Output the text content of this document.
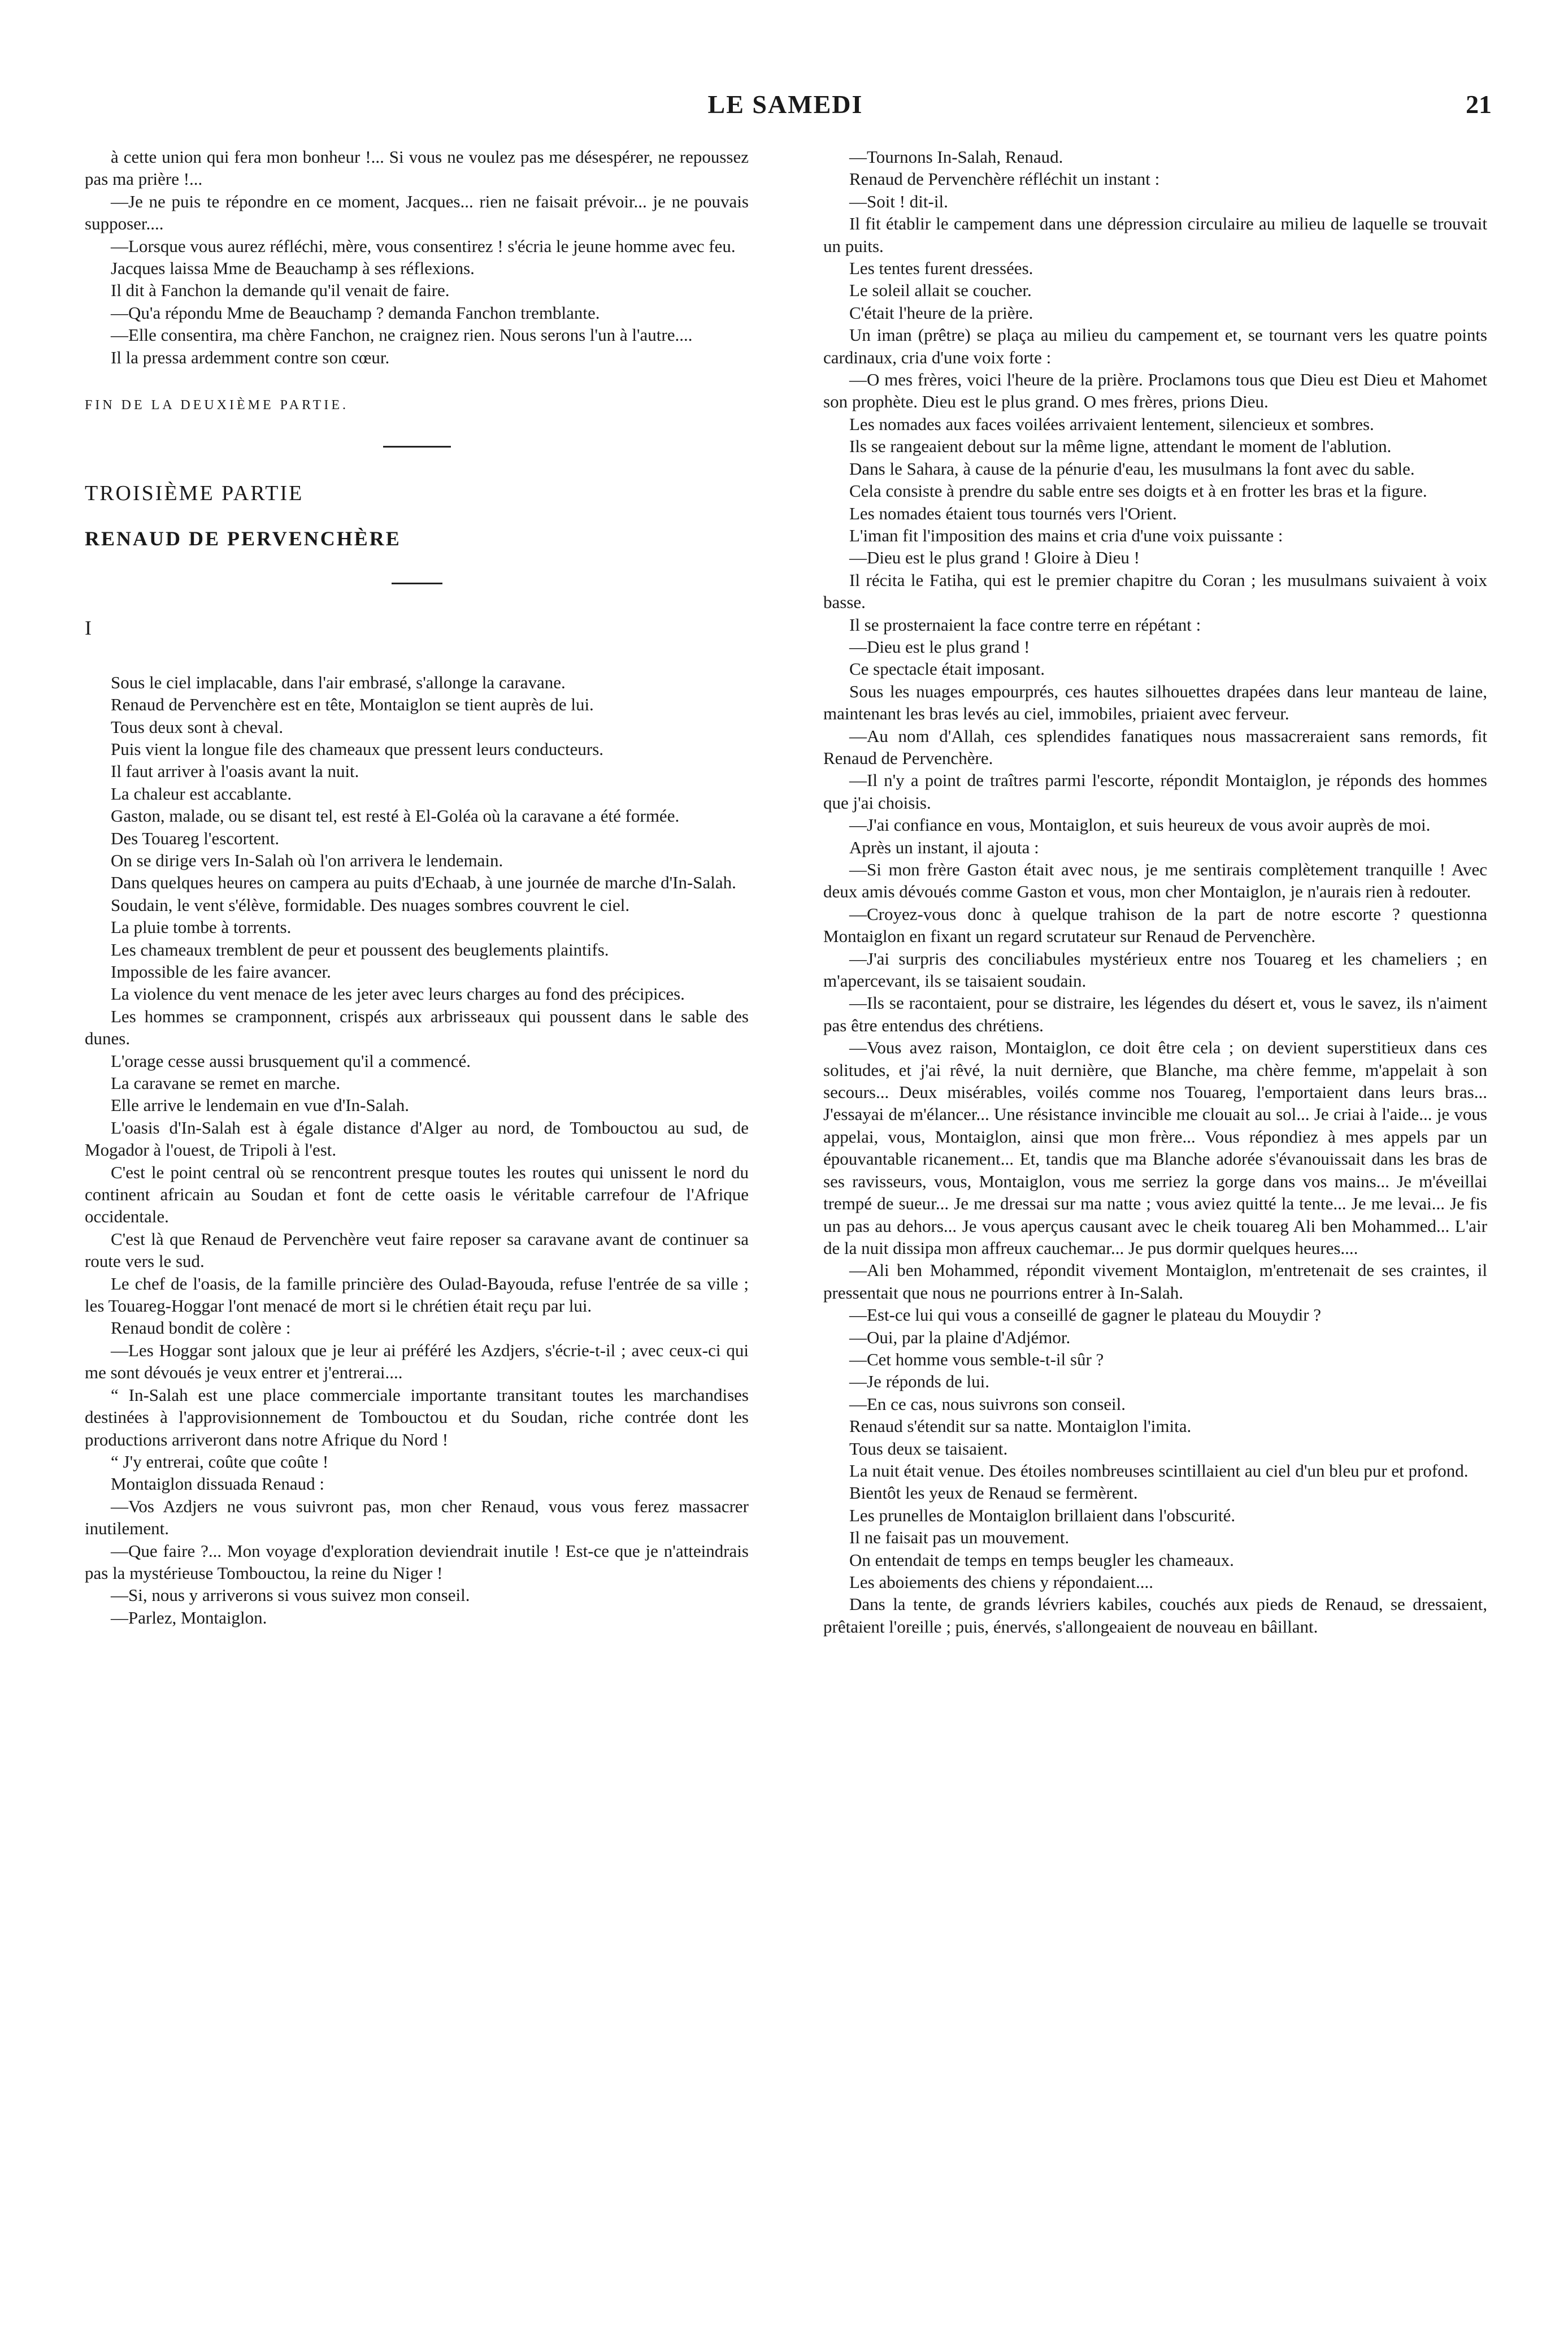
LE SAMEDI	21

à cette union qui fera mon bonheur !... Si vous ne voulez pas me désespérer, ne repoussez pas ma prière !...

—Je ne puis te répondre en ce moment, Jacques... rien ne faisait prévoir... je ne pouvais supposer....

—Lorsque vous aurez réfléchi, mère, vous consentirez ! s'écria le jeune homme avec feu.

Jacques laissa Mme de Beauchamp à ses réflexions.

Il dit à Fanchon la demande qu'il venait de faire.

—Qu'a répondu Mme de Beauchamp ? demanda Fanchon tremblante.

—Elle consentira, ma chère Fanchon, ne craignez rien. Nous serons l'un à l'autre....

Il la pressa ardemment contre son cœur.

FIN DE LA DEUXIÈME PARTIE.

TROISIÈME PARTIE

RENAUD DE PERVENCHÈRE

I

Sous le ciel implacable, dans l'air embrasé, s'allonge la caravane.

Renaud de Pervenchère est en tête, Montaiglon se tient auprès de lui.

Tous deux sont à cheval.

Puis vient la longue file des chameaux que pressent leurs conducteurs.

Il faut arriver à l'oasis avant la nuit.

La chaleur est accablante.

Gaston, malade, ou se disant tel, est resté à El-Goléa où la caravane a été formée.

Des Touareg l'escortent.

On se dirige vers In-Salah où l'on arrivera le lendemain.

Dans quelques heures on campera au puits d'Echaab, à une journée de marche d'In-Salah.

Soudain, le vent s'élève, formidable. Des nuages sombres couvrent le ciel.

La pluie tombe à torrents.

Les chameaux tremblent de peur et poussent des beuglements plaintifs.

Impossible de les faire avancer.

La violence du vent menace de les jeter avec leurs charges au fond des précipices.

Les hommes se cramponnent, crispés aux arbrisseaux qui poussent dans le sable des dunes.

L'orage cesse aussi brusquement qu'il a commencé.

La caravane se remet en marche.

Elle arrive le lendemain en vue d'In-Salah.

L'oasis d'In-Salah est à égale distance d'Alger au nord, de Tombouctou au sud, de Mogador à l'ouest, de Tripoli à l'est.

C'est le point central où se rencontrent presque toutes les routes qui unissent le nord du continent africain au Soudan et font de cette oasis le véritable carrefour de l'Afrique occidentale.

C'est là que Renaud de Pervenchère veut faire reposer sa caravane avant de continuer sa route vers le sud.

Le chef de l'oasis, de la famille princière des Oulad-Bayouda, refuse l'entrée de sa ville ; les Touareg-Hoggar l'ont menacé de mort si le chrétien était reçu par lui.

Renaud bondit de colère :

—Les Hoggar sont jaloux que je leur ai préféré les Azdjers, s'écrie-t-il ; avec ceux-ci qui me sont dévoués je veux entrer et j'entrerai....

“ In-Salah est une place commerciale importante transitant toutes les marchandises destinées à l'approvisionnement de Tombouctou et du Soudan, riche contrée dont les productions arriveront dans notre Afrique du Nord !

“ J'y entrerai, coûte que coûte !

Montaiglon dissuada Renaud :

—Vos Azdjers ne vous suivront pas, mon cher Renaud, vous vous ferez massacrer inutilement.

—Que faire ?... Mon voyage d'exploration deviendrait inutile ! Est-ce que je n'atteindrais pas la mystérieuse Tombouctou, la reine du Niger !

—Si, nous y arriverons si vous suivez mon conseil.

—Parlez, Montaiglon.

—Tournons In-Salah, Renaud.

Renaud de Pervenchère réfléchit un instant :

—Soit ! dit-il.

Il fit établir le campement dans une dépression circulaire au milieu de laquelle se trouvait un puits.

Les tentes furent dressées.

Le soleil allait se coucher.

C'était l'heure de la prière.

Un iman (prêtre) se plaça au milieu du campement et, se tournant vers les quatre points cardinaux, cria d'une voix forte :

—O mes frères, voici l'heure de la prière. Proclamons tous que Dieu est Dieu et Mahomet son prophète. Dieu est le plus grand. O mes frères, prions Dieu.

Les nomades aux faces voilées arrivaient lentement, silencieux et sombres.

Ils se rangeaient debout sur la même ligne, attendant le moment de l'ablution.

Dans le Sahara, à cause de la pénurie d'eau, les musulmans la font avec du sable.

Cela consiste à prendre du sable entre ses doigts et à en frotter les bras et la figure.

Les nomades étaient tous tournés vers l'Orient.

L'iman fit l'imposition des mains et cria d'une voix puissante :

—Dieu est le plus grand ! Gloire à Dieu !

Il récita le Fatiha, qui est le premier chapitre du Coran ; les musulmans suivaient à voix basse.

Il se prosternaient la face contre terre en répétant :

—Dieu est le plus grand !

Ce spectacle était imposant.

Sous les nuages empourprés, ces hautes silhouettes drapées dans leur manteau de laine, maintenant les bras levés au ciel, immobiles, priaient avec ferveur.

—Au nom d'Allah, ces splendides fanatiques nous massacreraient sans remords, fit Renaud de Pervenchère.

—Il n'y a point de traîtres parmi l'escorte, répondit Montaiglon, je réponds des hommes que j'ai choisis.

—J'ai confiance en vous, Montaiglon, et suis heureux de vous avoir auprès de moi.

Après un instant, il ajouta :

—Si mon frère Gaston était avec nous, je me sentirais complètement tranquille ! Avec deux amis dévoués comme Gaston et vous, mon cher Montaiglon, je n'aurais rien à redouter.

—Croyez-vous donc à quelque trahison de la part de notre escorte ? questionna Montaiglon en fixant un regard scrutateur sur Renaud de Pervenchère.

—J'ai surpris des conciliabules mystérieux entre nos Touareg et les chameliers ; en m'apercevant, ils se taisaient soudain.

—Ils se racontaient, pour se distraire, les légendes du désert et, vous le savez, ils n'aiment pas être entendus des chrétiens.

—Vous avez raison, Montaiglon, ce doit être cela ; on devient superstitieux dans ces solitudes, et j'ai rêvé, la nuit dernière, que Blanche, ma chère femme, m'appelait à son secours... Deux misérables, voilés comme nos Touareg, l'emportaient dans leurs bras... J'essayai de m'élancer... Une résistance invincible me clouait au sol... Je criai à l'aide... je vous appelai, vous, Montaiglon, ainsi que mon frère... Vous répondiez à mes appels par un épouvantable ricanement... Et, tandis que ma Blanche adorée s'évanouissait dans les bras de ses ravisseurs, vous, Montaiglon, vous me serriez la gorge dans vos mains... Je m'éveillai trempé de sueur... Je me dressai sur ma natte ; vous aviez quitté la tente... Je me levai... Je fis un pas au dehors... Je vous aperçus causant avec le cheik touareg Ali ben Mohammed... L'air de la nuit dissipa mon affreux cauchemar... Je pus dormir quelques heures....

—Ali ben Mohammed, répondit vivement Montaiglon, m'entretenait de ses craintes, il pressentait que nous ne pourrions entrer à In-Salah.

—Est-ce lui qui vous a conseillé de gagner le plateau du Mouydir ?

—Oui, par la plaine d'Adjémor.

—Cet homme vous semble-t-il sûr ?

—Je réponds de lui.

—En ce cas, nous suivrons son conseil.

Renaud s'étendit sur sa natte. Montaiglon l'imita.

Tous deux se taisaient.

La nuit était venue. Des étoiles nombreuses scintillaient au ciel d'un bleu pur et profond.

Bientôt les yeux de Renaud se fermèrent.

Les prunelles de Montaiglon brillaient dans l'obscurité.

Il ne faisait pas un mouvement.

On entendait de temps en temps beugler les chameaux.

Les aboiements des chiens y répondaient....

Dans la tente, de grands lévriers kabiles, couchés aux pieds de Renaud, se dressaient, prêtaient l'oreille ; puis, énervés, s'allongeaient de nouveau en bâillant.
